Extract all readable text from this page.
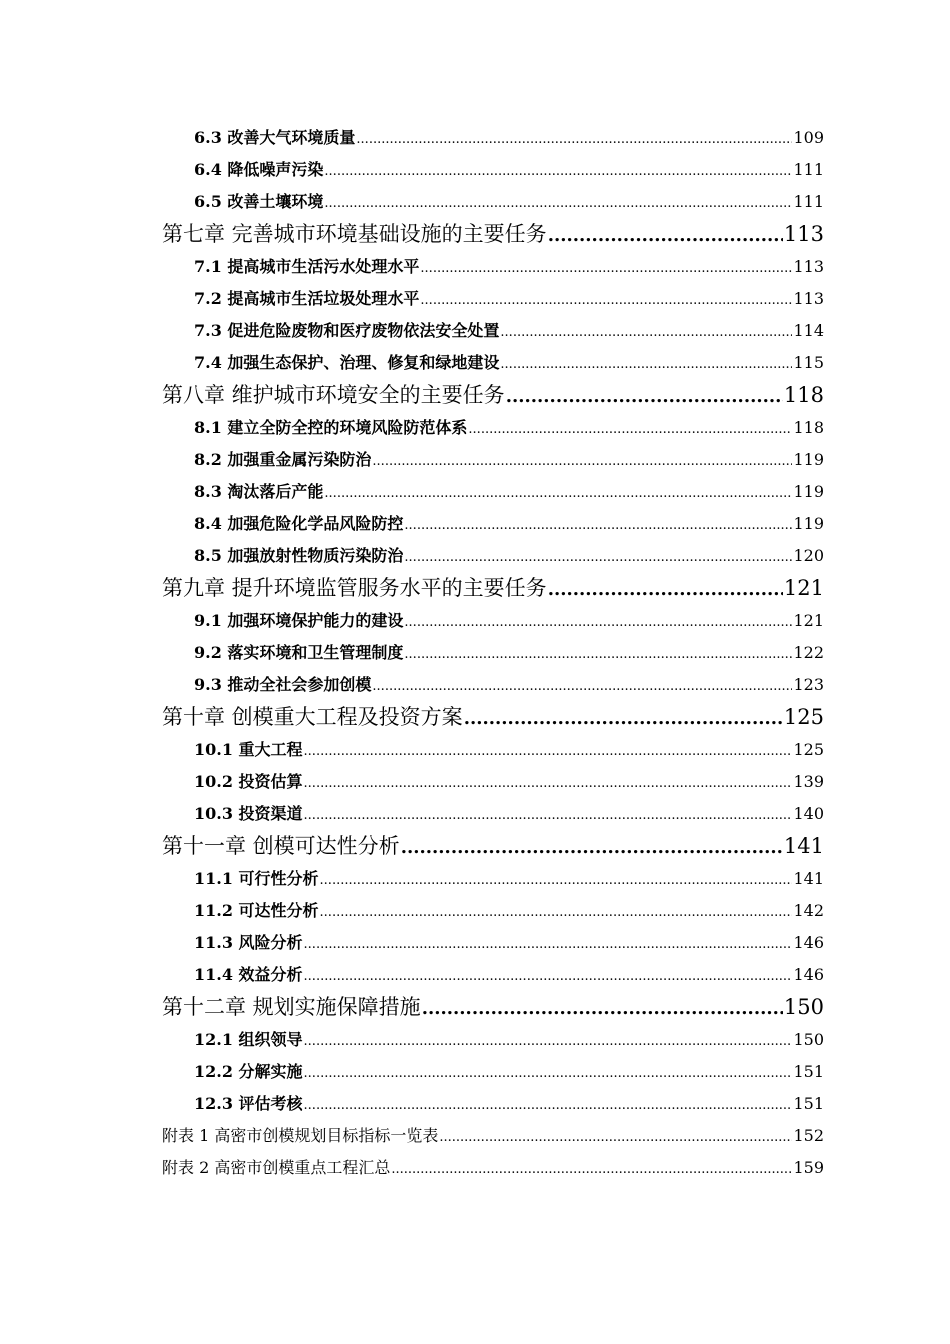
6.3 改善大气环境质量 .....	109
6.4 降低噪声污染 .....	111
6.5 改善土壤环境 .....	111
第七章 完善城市环境基础设施的主要任务 .....	113
7.1 提高城市生活污水处理水平 .....	113
7.2 提高城市生活垃圾处理水平 .....	113
7.3 促进危险废物和医疗废物依法安全处置 .....	114
7.4 加强生态保护、治理、修复和绿地建设 .....	115
第八章 维护城市环境安全的主要任务 .....	118
8.1 建立全防全控的环境风险防范体系 .....	118
8.2 加强重金属污染防治 .....	119
8.3 淘汰落后产能 .....	119
8.4 加强危险化学品风险防控 .....	119
8.5 加强放射性物质污染防治 .....	120
第九章 提升环境监管服务水平的主要任务 .....	121
9.1 加强环境保护能力的建设 .....	121
9.2 落实环境和卫生管理制度 .....	122
9.3 推动全社会参加创模 .....	123
第十章 创模重大工程及投资方案 .....	125
10.1 重大工程 .....	125
10.2 投资估算 .....	139
10.3 投资渠道 .....	140
第十一章 创模可达性分析 .....	141
11.1 可行性分析 .....	141
11.2 可达性分析 .....	142
11.3 风险分析 .....	146
11.4 效益分析 .....	146
第十二章 规划实施保障措施 .....	150
12.1 组织领导 .....	150
12.2 分解实施 .....	151
12.3 评估考核 .....	151
附表 1 高密市创模规划目标指标一览表 .....	152
附表 2 高密市创模重点工程汇总 .....	159
